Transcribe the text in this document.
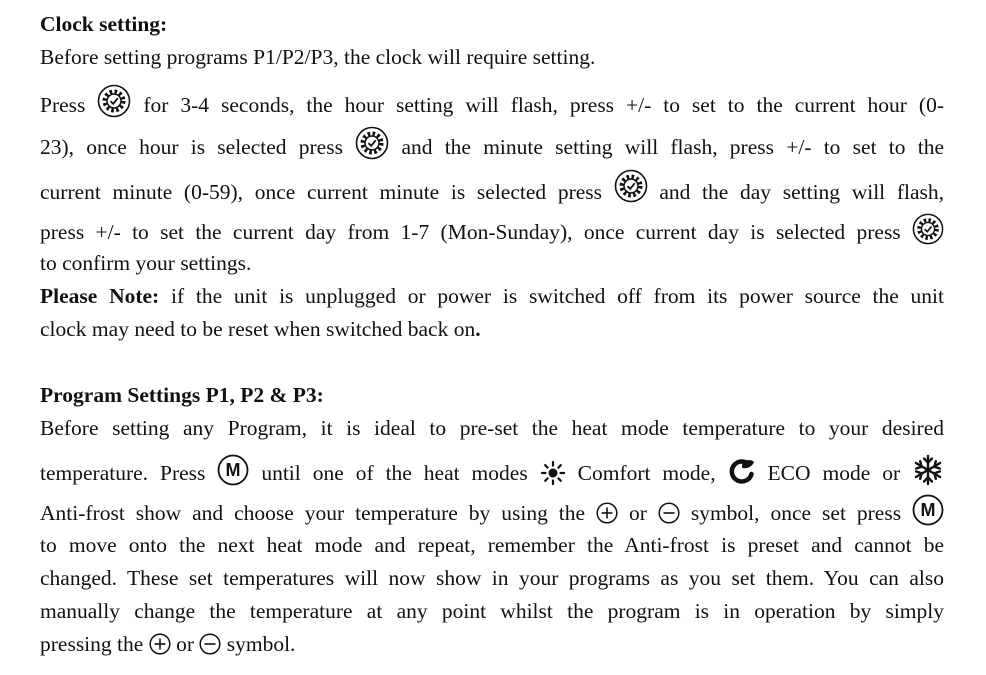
Clock setting:
Before setting programs P1/P2/P3, the clock will require setting.
Press	for 3-4 seconds, the hour setting will flash, press +/- to set to the current hour (0-
23), once hour is selected press	and the minute setting will flash, press +/- to set to the
current minute (0-59), once current minute is selected press	and the day setting will flash,
press +/- to set the current day from 1-7 (Mon-Sunday), once current day is selected press
to confirm your settings.
Please Note: if the unit is unplugged or power is switched off from its power source the unit
clock may need to be reset when switched back on.
Program Settings P1, P2 & P3:
Before setting any Program, it is ideal to pre-set the heat mode temperature to your desired
temperature. Press M until one of the heat modes Comfort mode, ECO mode or
Anti-frost show and choose your temperature by using the or symbol, once set press M
to move onto the next heat mode and repeat, remember the Anti-frost is preset and cannot be
changed. These set temperatures will now show in your programs as you set them. You can also
manually change the temperature at any point whilst the program is in operation by simply
pressing the or symbol.
